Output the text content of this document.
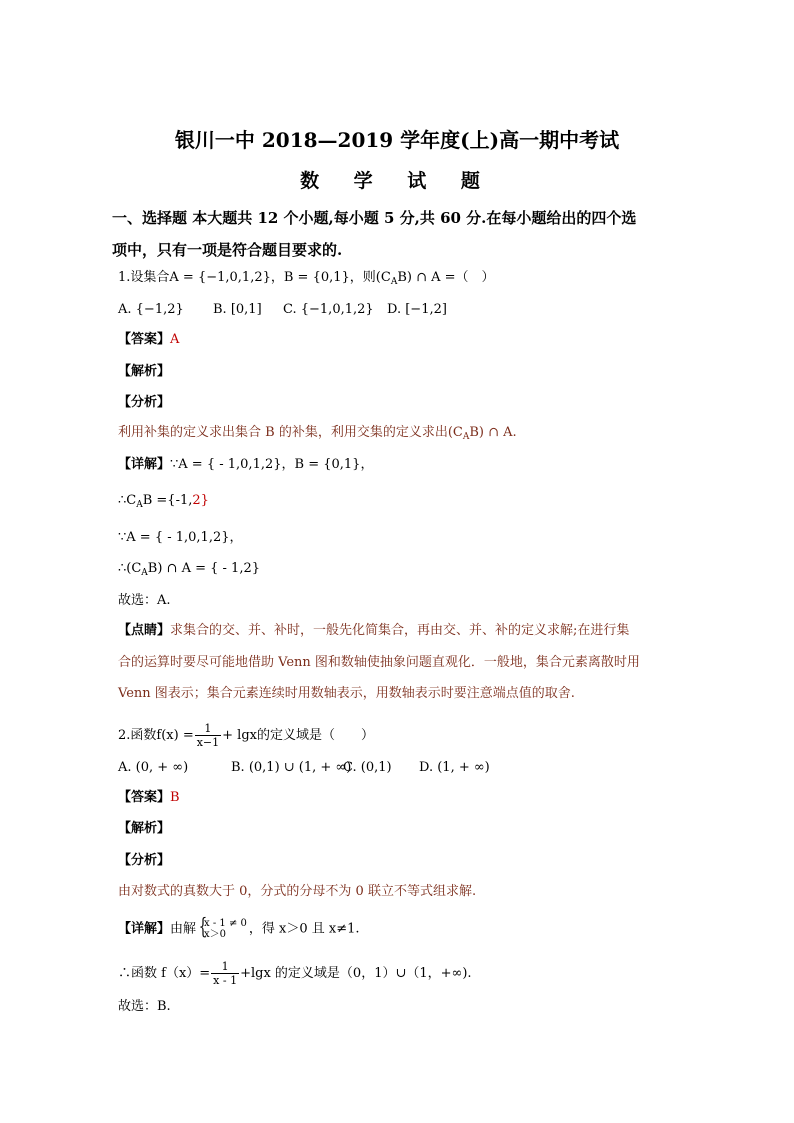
银川一中 2018—2019 学年度(上)高一期中考试
数 学 试 题
一、选择题 本大题共 12 个小题,每小题 5 分,共 60 分.在每小题给出的四个选
项中，只有一项是符合题目要求的.
1.设集合A = {−1,0,1,2}，B = {0,1}，则$(C_AB)$ ∩ A =（　）
A. {−1,2} B. [0,1] C. {−1,0,1,2} D. [−1,2]
【答案】A
【解析】
【分析】
利用补集的定义求出集合 B 的补集，利用交集的定义求出$(C_AB)$ ∩ A.
【详解】∵A = { - 1,0,1,2}，B = {0,1}，
$\therefore C_AB =\{-1,2\}$
∵A = { - 1,0,1,2}，
$\therefore(C_AB)$ ∩ A = { - 1,2}
故选：A.
【点睛】求集合的交、并、补时，一般先化简集合，再由交、并、补的定义求解;在进行集
合的运算时要尽可能地借助 Venn 图和数轴使抽象问题直观化．一般地，集合元素离散时用
Venn 图表示；集合元素连续时用数轴表示，用数轴表示时要注意端点值的取舍.
2.函数$f(x) = \frac{1}{x-1} + \lg x$的定义域是（　　）
A. (0, + ∞)	B. (0,1) ∪ (1, + ∞)C. (0,1) D. (1, + ∞)
【答案】B
【解析】
【分析】
由对数式的真数大于 0，分式的分母不为 0 联立不等式组求解.
【详解】由解 {
x - 1 ≠ 0
x＞0	，得 x＞0 且 x≠1.
∴函数 $f(x)= \frac{1}{x - 1} +\lg x$ 的定义域是（0，1）∪（1，+∞).
故选：B.
